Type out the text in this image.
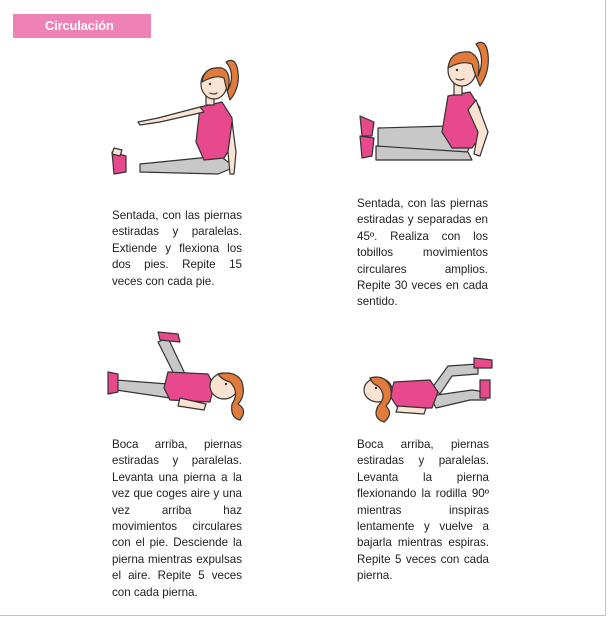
Circulación

Sentada, con las piernas estiradas y paralelas. Extiende y flexiona los dos pies. Repite 15 veces con cada pie.

Sentada, con las piernas estiradas y separadas en 45º. Realiza con los tobillos movimientos circulares amplios. Repite 30 veces en cada sentido.

Boca arriba, piernas estiradas y paralelas. Levanta una pierna a la vez que coges aire y una vez arriba haz movimientos circulares con el pie. Desciende la pierna mientras expulsas el aire. Repite 5 veces con cada pierna.

Boca arriba, piernas estiradas y paralelas. Levanta la pierna flexionando la rodilla 90º mientras inspiras lentamente y vuelve a bajarla mientras espiras. Repite 5 veces con cada pierna.
